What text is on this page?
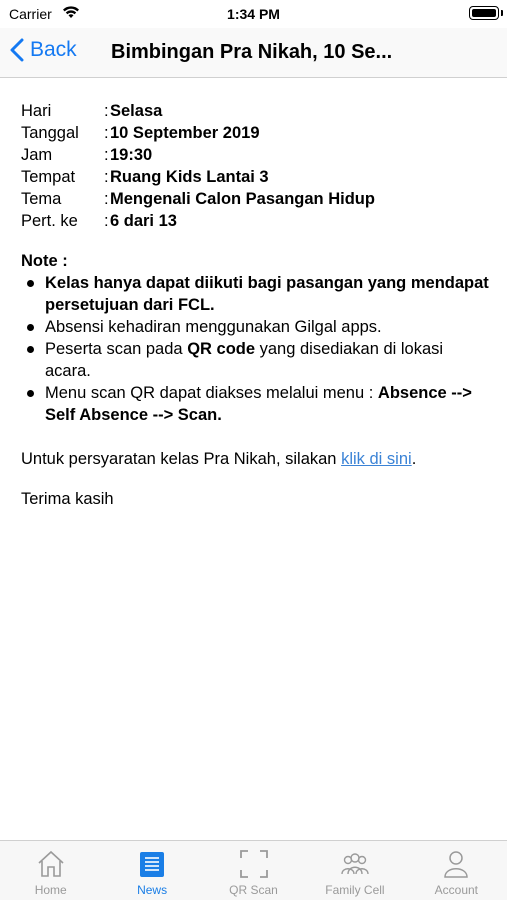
Carrier	1:34 PM
Back Bimbingan Pra Nikah, 10 Se...
Hari	: Selasa
Tanggal	: 10 September 2019
Jam	: 19:30
Tempat	: Ruang Kids Lantai 3
Tema	: Mengenali Calon Pasangan Hidup
Pert. ke	: 6 dari 13
Note :
Kelas hanya dapat diikuti bagi pasangan yang mendapat persetujuan dari FCL.
Absensi kehadiran menggunakan Gilgal apps.
Peserta scan pada QR code yang disediakan di lokasi acara.
Menu scan QR dapat diakses melalui menu : Absence --> Self Absence --> Scan.
Untuk persyaratan kelas Pra Nikah, silakan klik di sini.
Terima kasih
Home	News	QR Scan	Family Cell	Account
